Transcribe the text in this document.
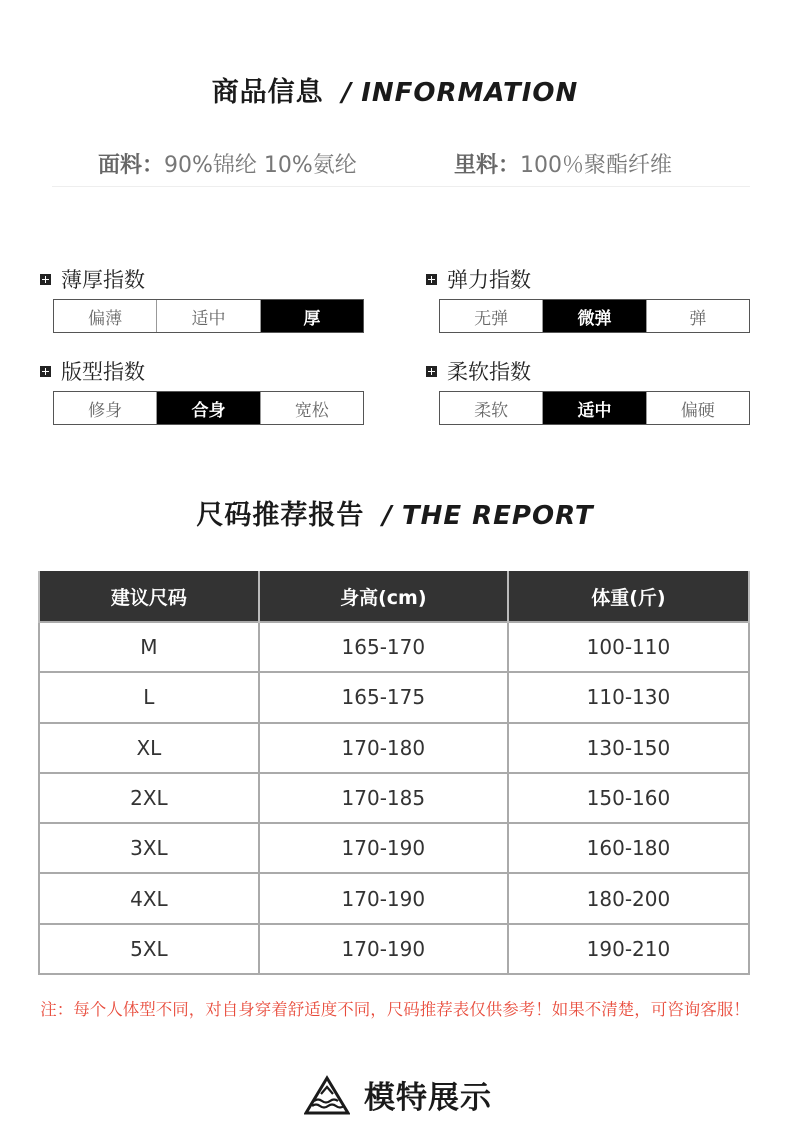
商品信息 / INFORMATION
面料：90%锦纶 10%氨纶	里料：100％聚酯纤维
薄厚指数
偏薄	适中	厚
弹力指数
无弹	微弹	弹
版型指数
修身	合身	宽松
柔软指数
柔软	适中	偏硬
尺码推荐报告 / THE REPORT
建议尺码	身高(cm)	体重(斤)
M	165-170	100-110
L	165-175	110-130
XL	170-180	130-150
2XL	170-185	150-160
3XL	170-190	160-180
4XL	170-190	180-200
5XL	170-190	190-210
注：每个人体型不同，对自身穿着舒适度不同，尺码推荐表仅供参考！如果不清楚，可咨询客服！
模特展示
